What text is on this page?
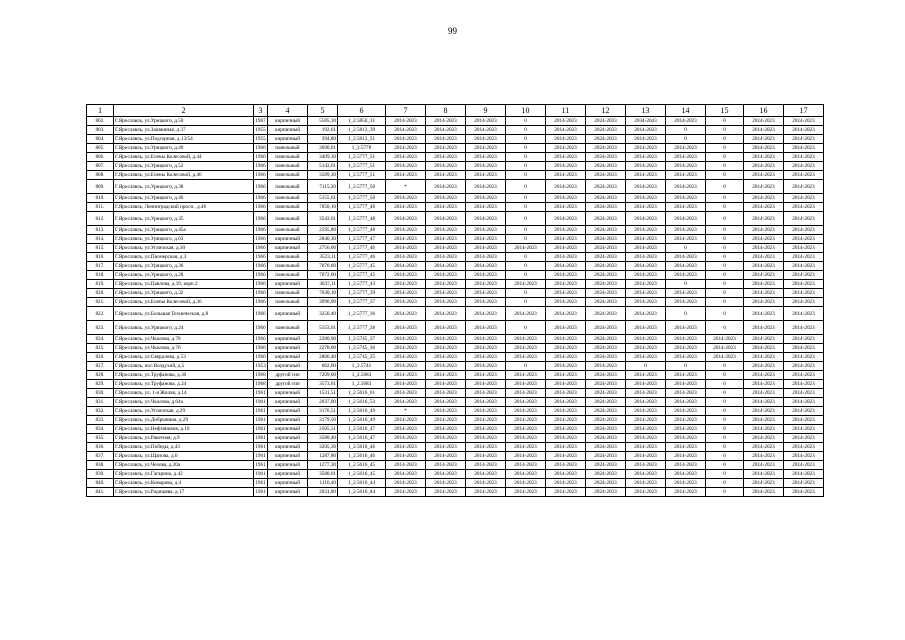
99
1	2	3	4	5	6	7	8	9	10	11	12	13	14	15	16	17
802.	Г.Ярославль, ул.Урицкого, д.50	1967	кирпичный	5585,10	1_2.5850_31	2014-2023	2014-2023	2014-2023	0	2014-2023	2024-2033	2034-2043	2014-2023	0	2014-2023	2014-2023
803.	Г.Ярославль, ул.Заовинная, д.37	1955	кирпичный	192,61	1_2.5813_39	2014-2023	2014-2023	2014-2023	0	2014-2023	2024-2033	2014-2023	0	0	2014-2023	2014-2023
804.	Г.Ярославль, ул.Подгорная, д.13/54	1955	кирпичный	394,80	1_2.5813_51	2014-2023	2014-2023	2014-2023	0	2014-2023	2024-2033	2014-2023	0	0	2014-2023	2014-2023
805.	Г.Ярославль, ул.Урицкого, д.49	1966	панельный	3690,61	1_2.5778	2014-2023	2014-2023	2014-2023	0	2014-2023	2024-2033	2014-2023	2014-2023	0	2014-2023	2014-2023
806.	Г.Ярославль, ул.Елены Колесовой, д.44	1966	панельный	3409,30	1_2.5777_51	2014-2023	2014-2023	2014-2023	0	2014-2023	2024-2033	2014-2023	2014-2023	0	2014-2023	2014-2023
807.	Г.Ярославль, ул.Урицкого, д.52	1966	панельный	5143,61	1_2.5777_51	2014-2023	2014-2023	2014-2023	0	2014-2023	2024-2033	2014-2023	2014-2023	0	2014-2023	2014-2023
808.	Г.Ярославль, ул.Елены Колесовой, д.46	1966	панельный	3589,30	1_2.5777_51	2014-2023	2014-2023	2014-2023	0	2014-2023	2024-2033	2014-2023	2014-2023	0	2014-2023	2014-2023
809.	Г.Ярославль, ул.Урицкого, д.38	1966	панельный	7115,30	1_2.5777_50	*	2014-2023	2014-2023	0	2014-2023	2024-2033	2014-2023	2014-2023	0	2014-2023	2014-2023
810.	Г.Ярославль, ул.Урицкого, д.46	1966	панельный	5155,61	1_2.5777_50	2014-2023	2014-2023	2014-2023	0	2014-2023	2024-2033	2014-2023	2014-2023	0	2014-2023	2014-2023
811.	Г.Ярославль, Ленинградский просп., д.46	1966	панельный	7050,10	1_2.5777_48	2014-2023	2014-2023	2014-2023	0	2014-2023	2024-2033	2014-2023	2014-2023	0	2014-2023	2014-2023
812.	Г.Ярославль, ул.Урицкого, д.35	1966	панельный	3543,61	1_2.5777_48	2014-2023	2014-2023	2014-2023	0	2014-2023	2024-2033	2014-2023	2014-2023	0	2014-2023	2014-2023
813.	Г.Ярославль, ул.Урицкого, д.45а	1966	панельный	2595,80	1_2.5777_48	2014-2023	2014-2023	2014-2023	0	2014-2023	2024-2033	2014-2023	2014-2023	0	2014-2023	2014-2023
814.	Г.Ярославль, ул.Урицкого, д.63	1966	кирпичный	2846,30	1_2.5777_47	2014-2023	2014-2023	2014-2023	0	2014-2023	2024-2033	2014-2023	2014-2023	0	2014-2023	2014-2023
815.	Г.Ярославль, ул.Угличская, д.30	1966	кирпичный	2756,00	1_2.5777_46	2014-2023	2014-2023	2014-2023	2014-2023	2014-2023	2024-2033	2014-2023	0	0	2014-2023	2014-2023
816.	Г.Ярославль, ул.Пионерская, д.3	1966	панельный	3523,11	1_2.5777_46	2014-2023	2014-2023	2014-2023	0	2014-2023	2024-2033	2014-2023	2014-2023	0	2014-2023	2014-2023
817.	Г.Ярославль, ул.Урицкого, д.36	1966	панельный	7076,60	1_2.5777_45	2014-2023	2014-2023	2014-2023	0	2014-2023	2024-2033	2014-2023	2014-2023	0	2014-2023	2014-2023
818.	Г.Ярославль, ул.Урицкого, д.28	1966	панельный	7072,60	1_2.5777_45	2014-2023	2014-2023	2014-2023	0	2014-2023	2024-2033	2014-2023	2014-2023	0	2014-2023	2014-2023
819.	Г.Ярославль, ул.Павлова, д.39, корп.2	1966	кирпичный	3637,11	1_2.5777_43	2014-2023	2014-2023	2014-2023	2014-2023	2014-2023	2024-2033	2014-2023	0	0	2014-2023	2014-2023
820.	Г.Ярославль, ул.Урицкого, д.32	1966	панельный	7030,10	1_2.5777_39	2014-2023	2014-2023	2014-2023	0	2014-2023	2024-2033	2014-2023	2014-2023	0	2014-2023	2014-2023
821.	Г.Ярославль, ул.Елены Колесовой, д.36	1966	панельный	3996,90	1_2.5777_37	2014-2023	2014-2023	2014-2023	0	2014-2023	2024-2033	2014-2023	2014-2023	0	2014-2023	2014-2023
822.	Г.Ярославль, ул.Большая Техническая, д.8	1966	кирпичный	3256,40	1_2.5777_36	2014-2023	2014-2023	2014-2023	2014-2023	2014-2023	2024-2033	2014-2023	0	0	2014-2023	2014-2023
823.	Г.Ярославль, ул.Урицкого, д.24	1966	панельный	5153,61	1_2.5777_28	2014-2023	2014-2023	2014-2023	0	2014-2023	2024-2033	2014-2023	2014-2023	0	2014-2023	2014-2023
824.	Г.Ярославль, ул.Чкалова, д.78	1966	кирпичный	2280,90	1_2.5745_37	2014-2023	2014-2023	2014-2023	2014-2023	2014-2023	2024-2033	2014-2023	2014-2023	2014-2023	2014-2023	2014-2023
825.	Г.Ярославль, ул.Чкалова, д.76	1966	кирпичный	2270,00	1_2.5745_36	2014-2023	2014-2023	2014-2023	2014-2023	2014-2023	2024-2033	2014-2023	2014-2023	2014-2023	2014-2023	2014-2023
826.	Г.Ярославль, ул.Свердлова, д.53	1966	кирпичный	2866,40	1_2.5745_25	2014-2023	2014-2023	2014-2023	2014-2023	2014-2023	2024-2033	2014-2023	2014-2023	2014-2023	2014-2023	2014-2023
827.	Г.Ярославль, пос.Воздухий, д.5	1953	кирпичный	662,60	1_2.5741	2014-2023	2014-2023	2014-2023	0	2014-2023	2014-2023	0	0	0	2014-2023	2014-2023
828.	Г.Ярославль, ул.Труфанова, д.30	1968	другой тип	7209,60	1_2.5683	2014-2023	2014-2023	2014-2023	2014-2023	2014-2023	2024-2033	2014-2023	2014-2023	0	2014-2023	2014-2023
829.	Г.Ярославль, ул.Труфанова, д.24	1968	другой тип	3573,61	1_2.5683	2014-2023	2014-2023	2014-2023	2014-2023	2014-2023	2024-2033	2014-2023	2014-2023	0	2014-2023	2014-2023
830.	Г.Ярославль, ул. 1-я Жилая, д.14	1961	кирпичный	1531,51	1_2.5616_61	2014-2023	2014-2023	2014-2023	2014-2023	2014-2023	2024-2033	2014-2023	2014-2023	0	2014-2023	2014-2023
831.	Г.Ярославль, ул.Чкалова, д.64а	1961	кирпичный	2037,00	1_2.5616_53	2014-2023	2014-2023	2014-2023	2014-2023	2014-2023	2024-2033	2014-2023	2014-2023	0	2014-2023	2014-2023
832.	Г.Ярославль, ул.Угличская, д.29	1961	кирпичный	3176,51	1_2.5616_49	*	2014-2023	2014-2023	2014-2023	2014-2023	2024-2033	2014-2023	2014-2023	0	2014-2023	2014-2023
833.	Г.Ярославль, ул.Добрынина, д.29	1961	кирпичный	2179,50	1_2.5616_49	2014-2023	2014-2023	2014-2023	2014-2023	2014-2023	2024-2033	2014-2023	2014-2023	0	2014-2023	2014-2023
834.	Г.Ярославль, ул.Нефтяников, д.10	1961	кирпичный	2505,51	1_2.5616_47	2014-2023	2014-2023	2014-2023	2014-2023	2014-2023	2024-2033	2014-2023	2014-2023	0	2014-2023	2014-2023
835.	Г.Ярославль, ул.Ракетная, д.9	1961	кирпичный	3580,40	1_2.5616_47	2014-2023	2014-2023	2014-2023	2014-2023	2014-2023	2024-2033	2014-2023	2014-2023	0	2014-2023	2014-2023
836.	Г.Ярославль, ул.Победы, д.43	1961	кирпичный	3205,30	1_2.5616_46	2014-2023	2014-2023	2014-2023	2014-2023	2014-2023	2024-2033	2014-2023	2014-2023	0	2014-2023	2014-2023
837.	Г.Ярославль, ул.Щапова, д.6	1961	кирпичный	1287,80	1_2.5616_46	2014-2023	2014-2023	2014-2023	2014-2023	2014-2023	2024-2033	2014-2023	2014-2023	0	2014-2023	2014-2023
838.	Г.Ярославль, ул.Чехова, д.20а	1961	кирпичный	1277,30	1_2.5616_45	2014-2023	2014-2023	2014-2023	2014-2023	2014-2023	2024-2033	2014-2023	2014-2023	0	2014-2023	2014-2023
839.	Г.Ярославль, ул.Гагарина, д.42	1961	кирпичный	3580,61	1_2.5616_45	2014-2023	2014-2023	2014-2023	2014-2023	2014-2023	2024-2033	2014-2023	2014-2023	0	2014-2023	2014-2023
840.	Г.Ярославль, ул.Комарова, д.4	1961	кирпичный	1116,40	1_2.5616_44	2014-2023	2014-2023	2014-2023	2014-2023	2014-2023	2024-2033	2014-2023	2014-2023	0	2014-2023	2014-2023
841.	Г.Ярославль, ул.Радищева, д.17	1961	кирпичный	2031,80	1_2.5616_44	2014-2023	2014-2023	2014-2023	2014-2023	2014-2023	2024-2033	2014-2023	2014-2023	0	2014-2023	2014-2023
